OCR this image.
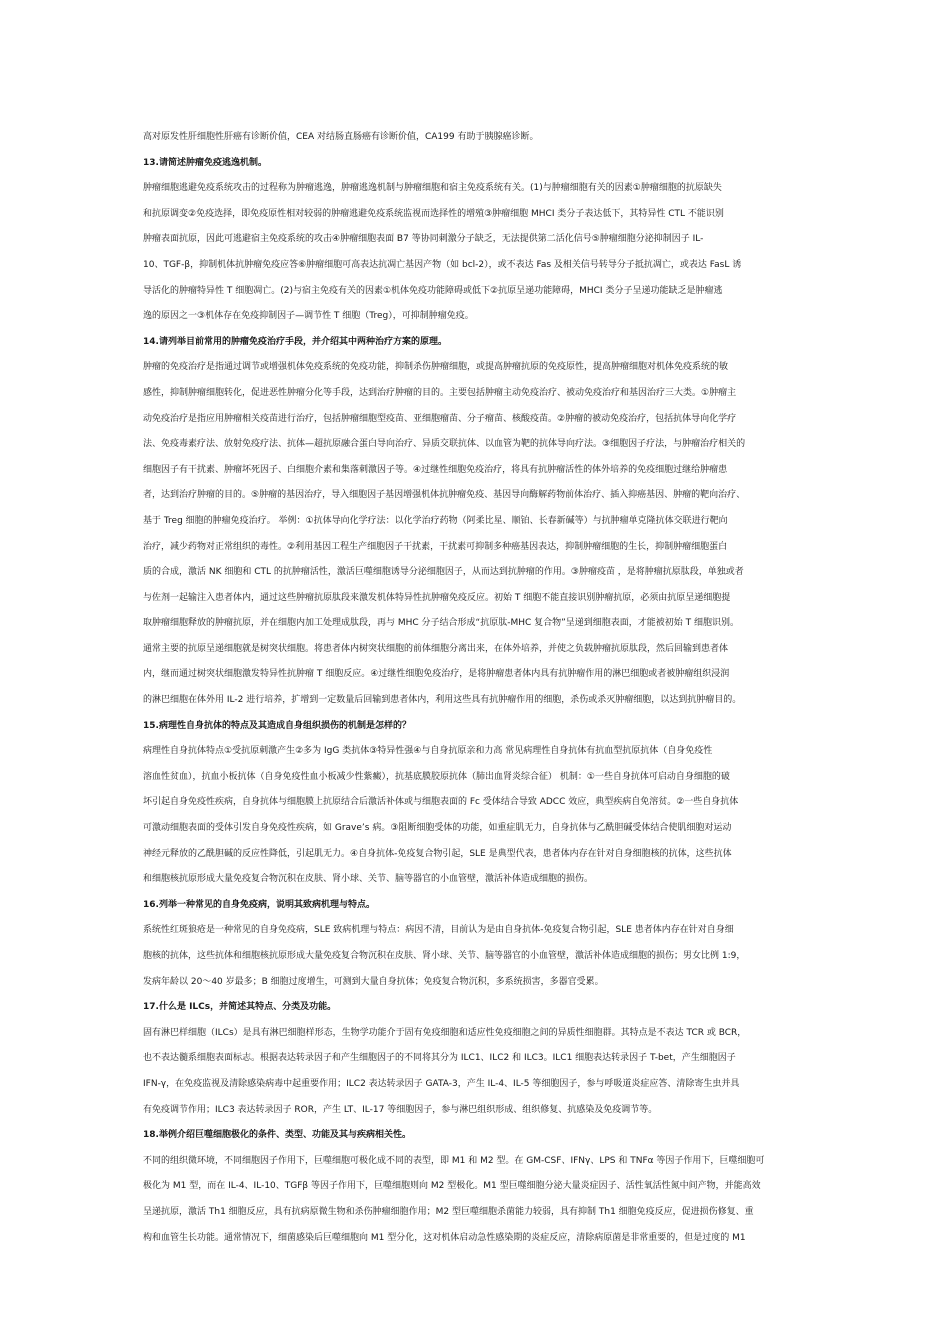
高对原发性肝细胞性肝癌有诊断价值，CEA 对结肠直肠癌有诊断价值，CA199 有助于胰腺癌诊断。
13.请简述肿瘤免疫逃逸机制。
肿瘤细胞逃避免疫系统攻击的过程称为肿瘤逃逸，肿瘤逃逸机制与肿瘤细胞和宿主免疫系统有关。(1)与肿瘤细胞有关的因素①肿瘤细胞的抗原缺失
和抗原调变②免疫选择，即免疫原性相对较弱的肿瘤逃避免疫系统监视而选择性的增殖③肿瘤细胞 MHCⅠ 类分子表达低下，其特异性 CTL 不能识别
肿瘤表面抗原，因此可逃避宿主免疫系统的攻击④肿瘤细胞表面 B7 等协同刺激分子缺乏，无法提供第二活化信号⑤肿瘤细胞分泌抑制因子 IL-
10、TGF-β，抑制机体抗肿瘤免疫应答⑥肿瘤细胞可高表达抗凋亡基因产物（如 bcl-2），或不表达 Fas 及相关信号转导分子抵抗凋亡，或表达 FasL 诱
导活化的肿瘤特异性 T 细胞凋亡。(2)与宿主免疫有关的因素①机体免疫功能障碍或低下②抗原呈递功能障碍，MHCⅠ 类分子呈递功能缺乏是肿瘤逃
逸的原因之一③机体存在免疫抑制因子—调节性 T 细胞（Treg），可抑制肿瘤免疫。
14.请列举目前常用的肿瘤免疫治疗手段，并介绍其中两种治疗方案的原理。
肿瘤的免疫治疗是指通过调节或增强机体免疫系统的免疫功能，抑制杀伤肿瘤细胞，或提高肿瘤抗原的免疫原性，提高肿瘤细胞对机体免疫系统的敏
感性，抑制肿瘤细胞转化，促进恶性肿瘤分化等手段，达到治疗肿瘤的目的。主要包括肿瘤主动免疫治疗、被动免疫治疗和基因治疗三大类。①肿瘤主
动免疫治疗是指应用肿瘤相关疫苗进行治疗，包括肿瘤细胞型疫苗、亚细胞瘤苗、分子瘤苗、核酸疫苗。②肿瘤的被动免疫治疗，包括抗体导向化学疗
法、免疫毒素疗法、放射免疫疗法、抗体—超抗原融合蛋白导向治疗、异质交联抗体、以血管为靶的抗体导向疗法。③细胞因子疗法，与肿瘤治疗相关的
细胞因子有干扰素、肿瘤坏死因子、白细胞介素和集落刺激因子等。④过继性细胞免疫治疗，将具有抗肿瘤活性的体外培养的免疫细胞过继给肿瘤患
者，达到治疗肿瘤的目的。⑤肿瘤的基因治疗，导入细胞因子基因增强机体抗肿瘤免疫、基因导向酶解药物前体治疗、插入抑癌基因、肿瘤的靶向治疗、
基于 Treg 细胞的肿瘤免疫治疗。 举例：①抗体导向化学疗法：以化学治疗药物（阿柔比星、顺铂、长春新碱等）与抗肿瘤单克隆抗体交联进行靶向
治疗，减少药物对正常组织的毒性。②利用基因工程生产细胞因子干扰素，干扰素可抑制多种癌基因表达，抑制肿瘤细胞的生长，抑制肿瘤细胞蛋白
质的合成，激活 NK 细胞和 CTL 的抗肿瘤活性，激活巨噬细胞诱导分泌细胞因子，从而达到抗肿瘤的作用。③肿瘤疫苗 ，是将肿瘤抗原肽段，单独或者
与佐剂一起输注入患者体内，通过这些肿瘤抗原肽段来激发机体特异性抗肿瘤免疫反应。初始 T 细胞不能直接识别肿瘤抗原，必须由抗原呈递细胞提
取肿瘤细胞释放的肿瘤抗原，并在细胞内加工处理成肽段，再与 MHC 分子结合形成“抗原肽-MHC 复合物”呈递到细胞表面，才能被初始 T 细胞识别。
通常主要的抗原呈递细胞就是树突状细胞。将患者体内树突状细胞的前体细胞分离出来，在体外培养，并使之负载肿瘤抗原肽段，然后回输到患者体
内，继而通过树突状细胞激发特异性抗肿瘤 T 细胞反应。④过继性细胞免疫治疗，是将肿瘤患者体内具有抗肿瘤作用的淋巴细胞或者被肿瘤组织浸润
的淋巴细胞在体外用 IL-2 进行培养，扩增到一定数量后回输到患者体内，利用这些具有抗肿瘤作用的细胞，杀伤或杀灭肿瘤细胞，以达到抗肿瘤目的。
15.病理性自身抗体的特点及其造成自身组织损伤的机制是怎样的？
病理性自身抗体特点①受抗原刺激产生②多为 IgG 类抗体③特异性强④与自身抗原亲和力高 常见病理性自身抗体有抗血型抗原抗体（自身免疫性
溶血性贫血），抗血小板抗体（自身免疫性血小板减少性紫癜），抗基底膜胶原抗体（肺出血肾炎综合征） 机制：①一些自身抗体可启动自身细胞的破
坏引起自身免疫性疾病，自身抗体与细胞膜上抗原结合后激活补体或与细胞表面的 Fc 受体结合导致 ADCC 效应，典型疾病自免溶贫。②一些自身抗体
可激动细胞表面的受体引发自身免疫性疾病，如 Grave’s 病。③阻断细胞受体的功能，如重症肌无力，自身抗体与乙酰胆碱受体结合使肌细胞对运动
神经元释放的乙酰胆碱的反应性降低，引起肌无力。④自身抗体-免疫复合物引起，SLE 是典型代表，患者体内存在针对自身细胞核的抗体，这些抗体
和细胞核抗原形成大量免疫复合物沉积在皮肤、肾小球、关节、脑等器官的小血管壁，激活补体造成细胞的损伤。
16.列举一种常见的自身免疫病，说明其致病机理与特点。
系统性红斑狼疮是一种常见的自身免疫病，SLE 致病机理与特点：病因不清，目前认为是由自身抗体-免疫复合物引起，SLE 患者体内存在针对自身细
胞核的抗体，这些抗体和细胞核抗原形成大量免疫复合物沉积在皮肤、肾小球、关节、脑等器官的小血管壁，激活补体造成细胞的损伤；男女比例 1:9，
发病年龄以 20～40 岁最多；B 细胞过度增生，可测到大量自身抗体；免疫复合物沉积，多系统损害，多器官受累。
17.什么是 ILCs，并简述其特点、分类及功能。
固有淋巴样细胞（ILCs）是具有淋巴细胞样形态，生物学功能介于固有免疫细胞和适应性免疫细胞之间的异质性细胞群。其特点是不表达 TCR 或 BCR，
也不表达髓系细胞表面标志。根据表达转录因子和产生细胞因子的不同将其分为 ILC1、ILC2 和 ILC3。ILC1 细胞表达转录因子 T-bet，产生细胞因子
IFN-γ，在免疫监视及清除感染病毒中起重要作用；ILC2 表达转录因子 GATA-3，产生 IL-4、IL-5 等细胞因子，参与呼吸道炎症应答、清除寄生虫并具
有免疫调节作用；ILC3 表达转录因子 ROR，产生 LT、IL-17 等细胞因子，参与淋巴组织形成、组织修复、抗感染及免疫调节等。
18.举例介绍巨噬细胞极化的条件、类型、功能及其与疾病相关性。
不同的组织微环境，不同细胞因子作用下，巨噬细胞可极化成不同的表型，即 M1 和 M2 型。在 GM-CSF、IFNγ、LPS 和 TNFα 等因子作用下，巨噬细胞可
极化为 M1 型，而在 IL-4、IL-10、TGFβ 等因子作用下，巨噬细胞则向 M2 型极化。M1 型巨噬细胞分泌大量炎症因子、活性氧活性氮中间产物，并能高效
呈递抗原，激活 Th1 细胞反应，具有抗病原微生物和杀伤肿瘤细胞作用；M2 型巨噬细胞杀菌能力较弱，具有抑制 Th1 细胞免疫反应，促进损伤修复、重
构和血管生长功能。通常情况下，细菌感染后巨噬细胞向 M1 型分化，这对机体启动急性感染期的炎症反应，清除病原菌是非常重要的，但是过度的 M1
